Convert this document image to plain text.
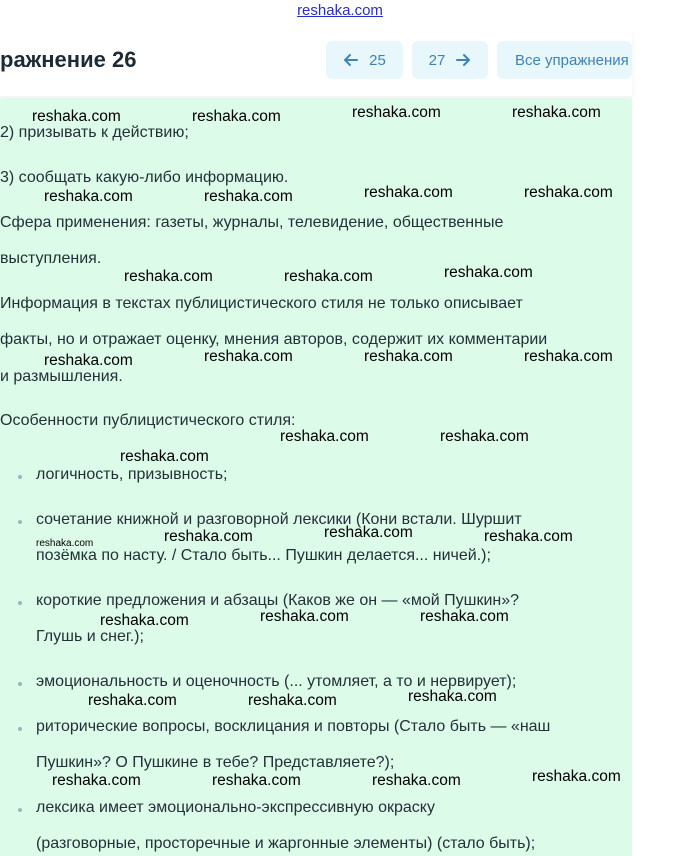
reshaka.com
ражнение 26	25	27	Все упражнения
2) призывать к действию;
3) сообщать какую-либо информацию.
Сфера применения: газеты, журналы, телевидение, общественные
выступления.
Информация в текстах публицистического стиля не только описывает
факты, но и отражает оценку, мнения авторов, содержит их комментарии
и размышления.
Особенности публицистического стиля:
логичность, призывность;
сочетание книжной и разговорной лексики (Кони встали. Шуршит
позёмка по насту. / Стало быть... Пушкин делается... ничей.);
короткие предложения и абзацы (Каков же он — «мой Пушкин»?
Глушь и снег.);
эмоциональность и оценочность (... утомляет, а то и нервирует);
риторические вопросы, восклицания и повторы (Стало быть — «наш
Пушкин»? О Пушкине в тебе? Представляете?);
лексика имеет эмоционально-экспрессивную окраску
(разговорные, просторечные и жаргонные элементы) (стало быть);
reshaka.com	reshaka.com	reshaka.com	reshaka.com
reshaka.com	reshaka.com	reshaka.com	reshaka.com
reshaka.com	reshaka.com	reshaka.com
reshaka.com	reshaka.com	reshaka.com	reshaka.com
reshaka.com	reshaka.com
reshaka.com
reshaka.com	reshaka.com	reshaka.com
reshaka.com
reshaka.com	reshaka.com	reshaka.com
reshaka.com	reshaka.com	reshaka.com
reshaka.com	reshaka.com	reshaka.com	reshaka.com
